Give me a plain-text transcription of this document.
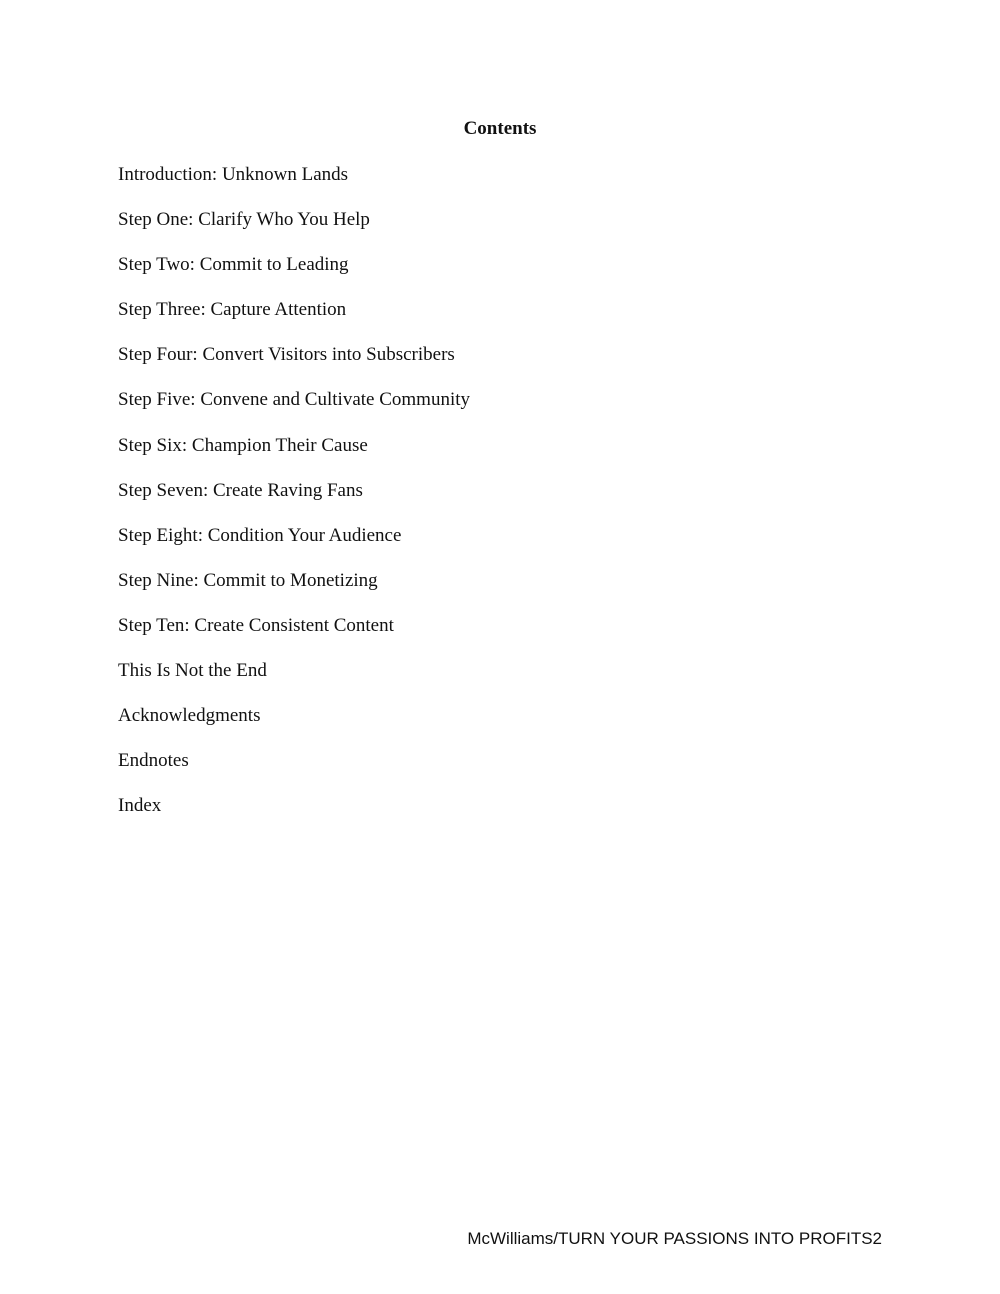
Contents
Introduction: Unknown Lands
Step One: Clarify Who You Help
Step Two: Commit to Leading
Step Three: Capture Attention
Step Four: Convert Visitors into Subscribers
Step Five: Convene and Cultivate Community
Step Six: Champion Their Cause
Step Seven: Create Raving Fans
Step Eight: Condition Your Audience
Step Nine: Commit to Monetizing
Step Ten: Create Consistent Content
This Is Not the End
Acknowledgments
Endnotes
Index
McWilliams/TURN YOUR PASSIONS INTO PROFITS2
